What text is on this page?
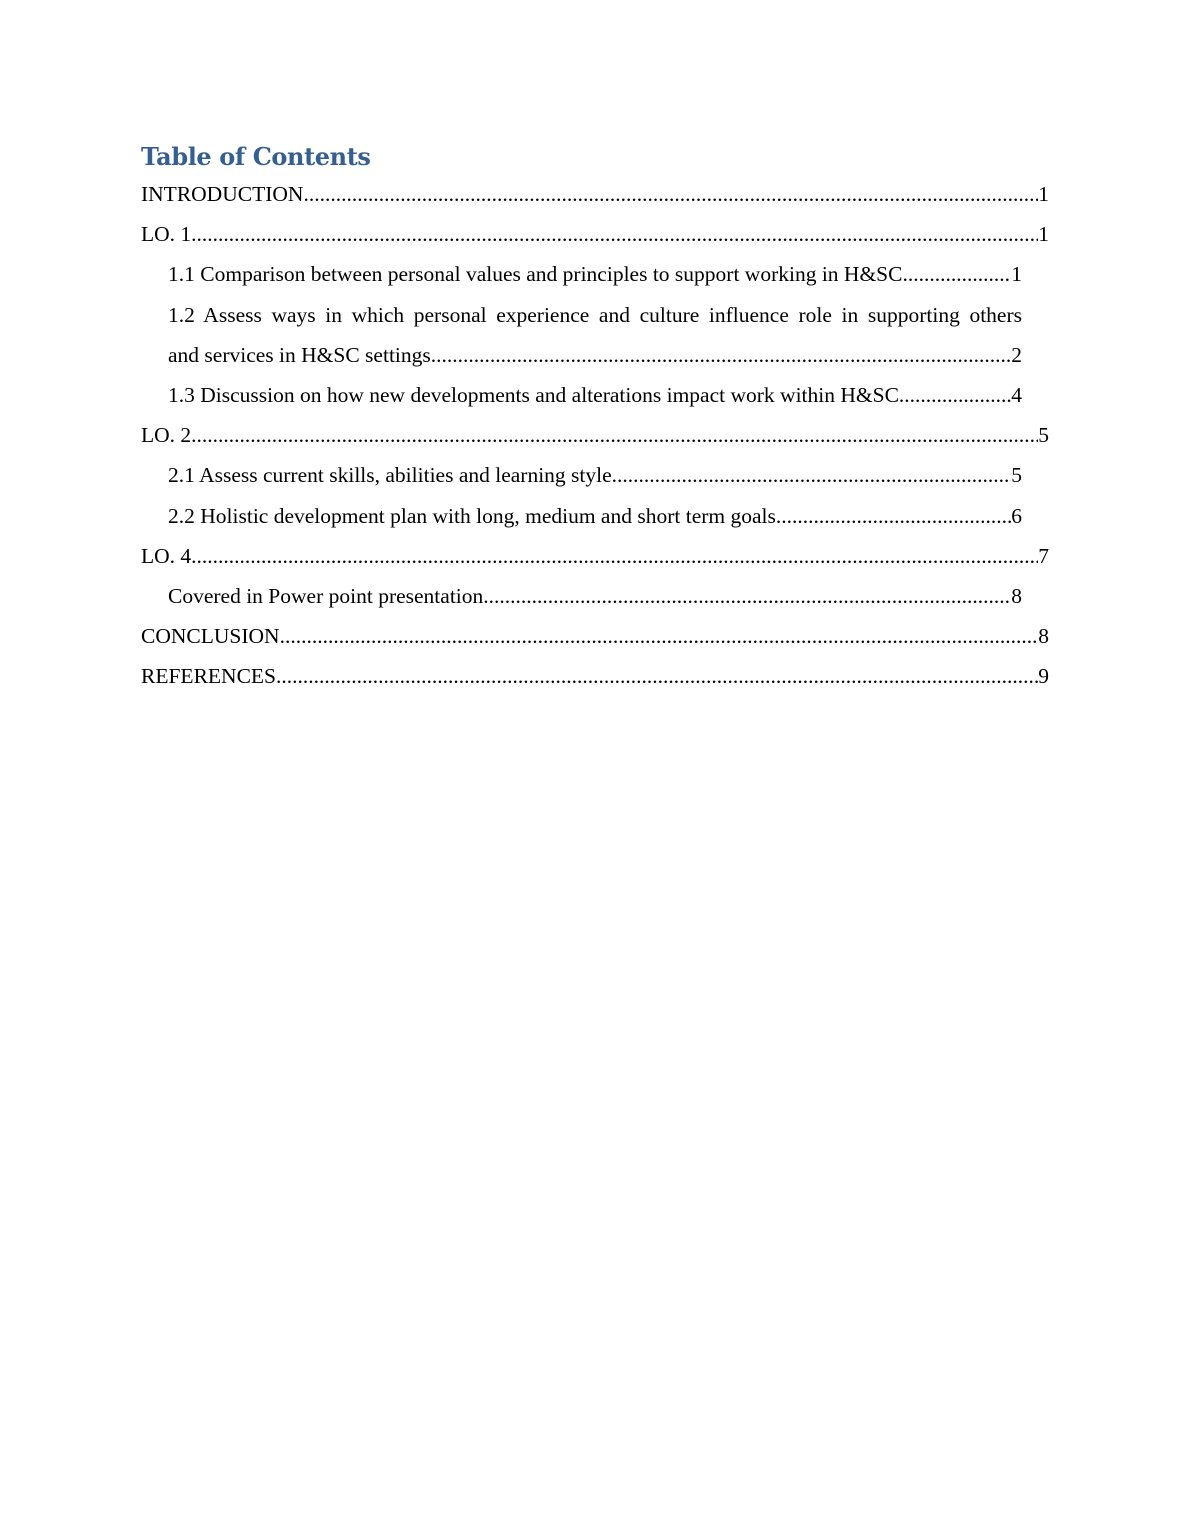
Table of Contents
INTRODUCTION .....	1
LO. 1 .....	1
1.1 Comparison between personal values and principles to support working in H&SC. .....	1
1.2 Assess ways in which personal experience and culture influence role in supporting others
and services in H&SC settings .....	2
1.3 Discussion on how new developments and alterations impact work within H&SC .....	4
LO. 2 .....	5
2.1 Assess current skills, abilities and learning style .....	5
2.2 Holistic development plan with long, medium and short term goals .....	6
LO. 4 .....	7
Covered in Power point presentation .....	8
CONCLUSION .....	8
REFERENCES .....	9
